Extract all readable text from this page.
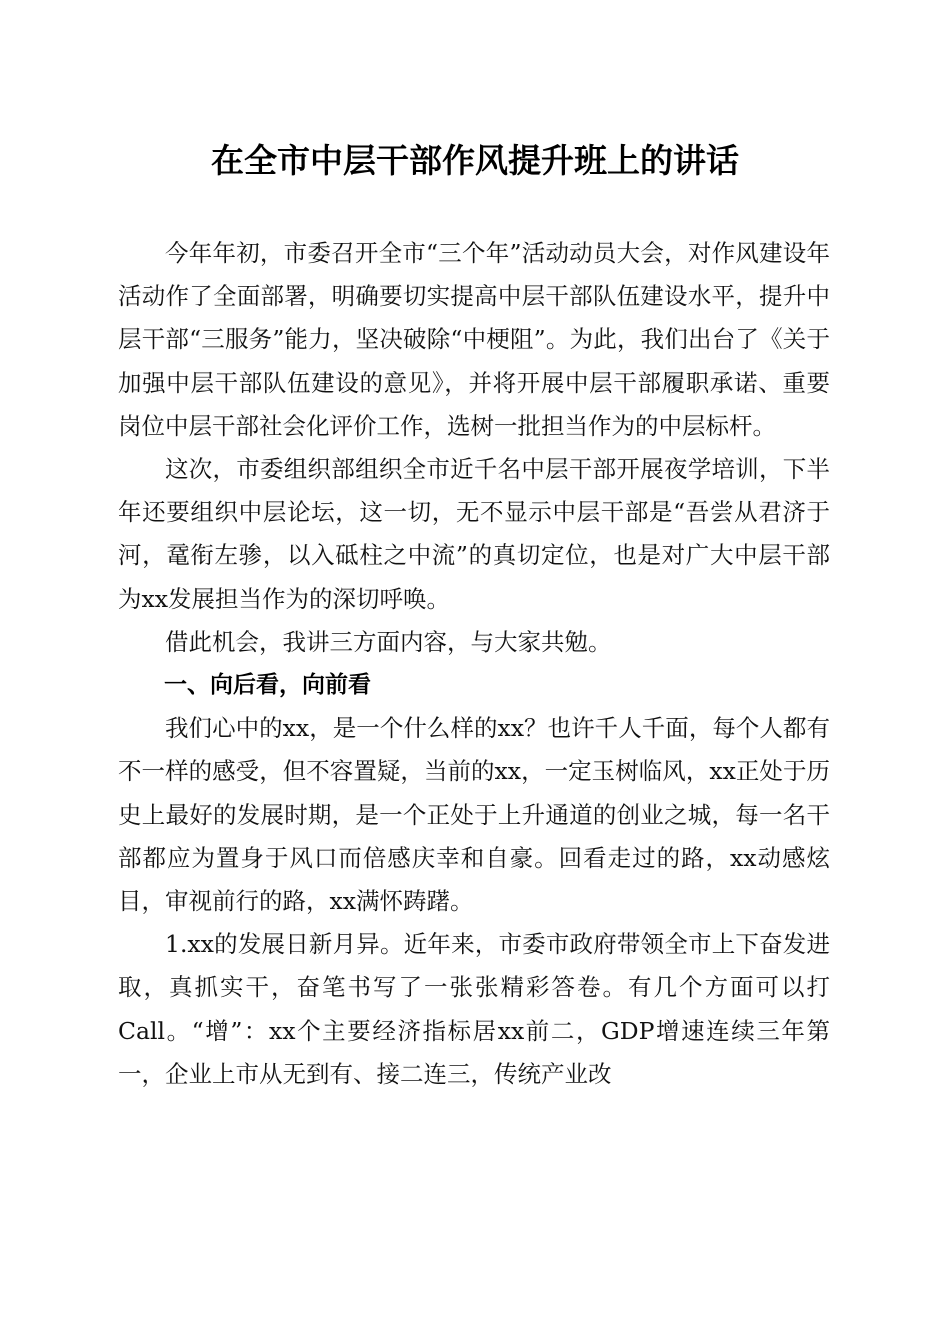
在全市中层干部作风提升班上的讲话

今年年初，市委召开全市“三个年”活动动员大会，对作风建设年活动作了全面部署，明确要切实提高中层干部队伍建设水平，提升中层干部“三服务”能力，坚决破除“中梗阻”。为此，我们出台了《关于加强中层干部队伍建设的意见》，并将开展中层干部履职承诺、重要岗位中层干部社会化评价工作，选树一批担当作为的中层标杆。

这次，市委组织部组织全市近千名中层干部开展夜学培训，下半年还要组织中层论坛，这一切，无不显示中层干部是“吾尝从君济于河，鼋衔左骖，以入砥柱之中流”的真切定位，也是对广大中层干部为xx发展担当作为的深切呼唤。

借此机会，我讲三方面内容，与大家共勉。

一、向后看，向前看

我们心中的xx，是一个什么样的xx？也许千人千面，每个人都有不一样的感受，但不容置疑，当前的xx，一定玉树临风，xx正处于历史上最好的发展时期，是一个正处于上升通道的创业之城，每一名干部都应为置身于风口而倍感庆幸和自豪。回看走过的路，xx动感炫目，审视前行的路，xx满怀踌躇。

1.xx的发展日新月异。近年来，市委市政府带领全市上下奋发进取，真抓实干，奋笔书写了一张张精彩答卷。有几个方面可以打Call。“增”：xx个主要经济指标居xx前二，GDP增速连续三年第一，企业上市从无到有、接二连三，传统产业改
